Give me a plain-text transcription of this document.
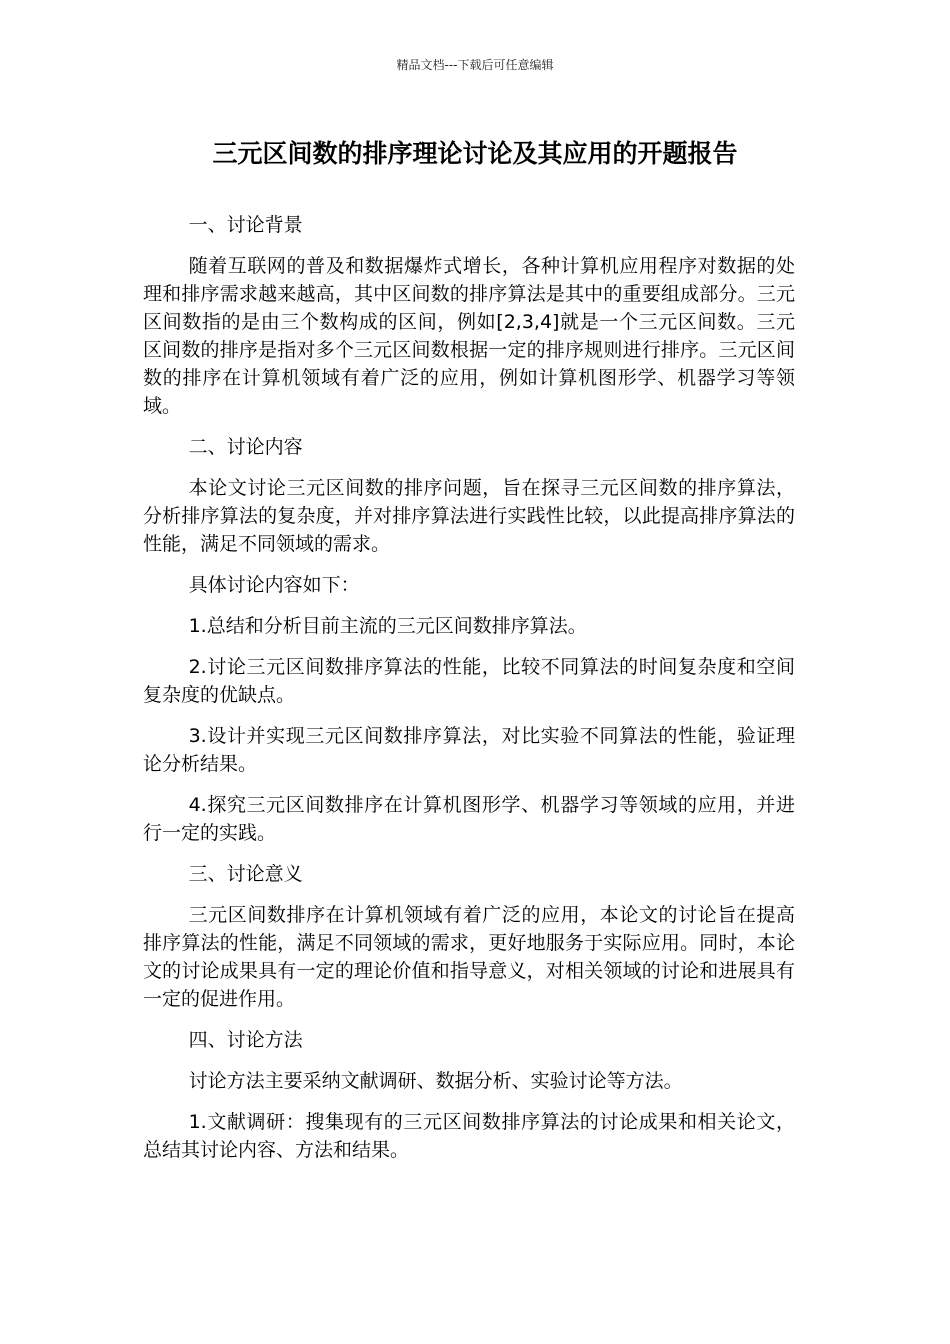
精品文档---下载后可任意编辑
三元区间数的排序理论讨论及其应用的开题报告

一、讨论背景

随着互联网的普及和数据爆炸式增长，各种计算机应用程序对数据的处理和排序需求越来越高，其中区间数的排序算法是其中的重要组成部分。三元区间数指的是由三个数构成的区间，例如[2,3,4]就是一个三元区间数。三元区间数的排序是指对多个三元区间数根据一定的排序规则进行排序。三元区间数的排序在计算机领域有着广泛的应用，例如计算机图形学、机器学习等领域。

二、讨论内容

本论文讨论三元区间数的排序问题，旨在探寻三元区间数的排序算法，分析排序算法的复杂度，并对排序算法进行实践性比较，以此提高排序算法的性能，满足不同领域的需求。

具体讨论内容如下：

1.总结和分析目前主流的三元区间数排序算法。

2.讨论三元区间数排序算法的性能，比较不同算法的时间复杂度和空间复杂度的优缺点。

3.设计并实现三元区间数排序算法，对比实验不同算法的性能，验证理论分析结果。

4.探究三元区间数排序在计算机图形学、机器学习等领域的应用，并进行一定的实践。

三、讨论意义

三元区间数排序在计算机领域有着广泛的应用，本论文的讨论旨在提高排序算法的性能，满足不同领域的需求，更好地服务于实际应用。同时，本论文的讨论成果具有一定的理论价值和指导意义，对相关领域的讨论和进展具有一定的促进作用。

四、讨论方法

讨论方法主要采纳文献调研、数据分析、实验讨论等方法。

1.文献调研：搜集现有的三元区间数排序算法的讨论成果和相关论文，总结其讨论内容、方法和结果。
